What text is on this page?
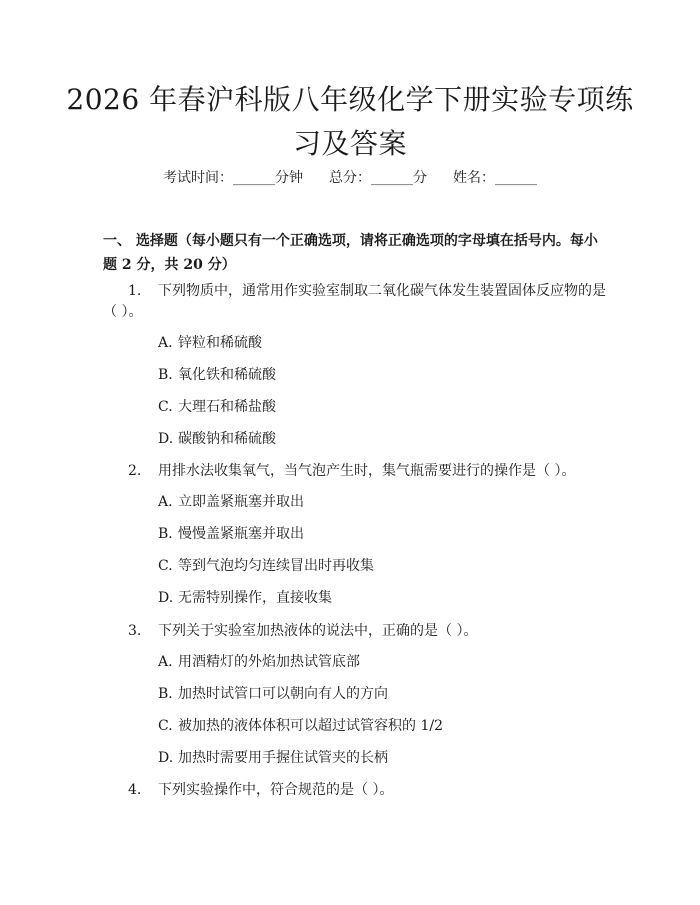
2026 年春沪科版八年级化学下册实验专项练
习及答案
考试时间：______分钟 总分：______分 姓名：______
一、 选择题（每小题只有一个正确选项，请将正确选项的字母填在括号内。每小题 2 分，共 20 分）
1.	下列物质中，通常用作实验室制取二氧化碳气体发生装置固体反应物的是
（ ）。
A. 锌粒和稀硫酸
B. 氧化铁和稀硫酸
C. 大理石和稀盐酸
D. 碳酸钠和稀硫酸
2.	用排水法收集氧气，当气泡产生时，集气瓶需要进行的操作是（ ）。
A. 立即盖紧瓶塞并取出
B. 慢慢盖紧瓶塞并取出
C. 等到气泡均匀连续冒出时再收集
D. 无需特别操作，直接收集
3.	下列关于实验室加热液体的说法中，正确的是（ ）。
A. 用酒精灯的外焰加热试管底部
B. 加热时试管口可以朝向有人的方向
C. 被加热的液体体积可以超过试管容积的 1/2
D. 加热时需要用手握住试管夹的长柄
4.	下列实验操作中，符合规范的是（ ）。
